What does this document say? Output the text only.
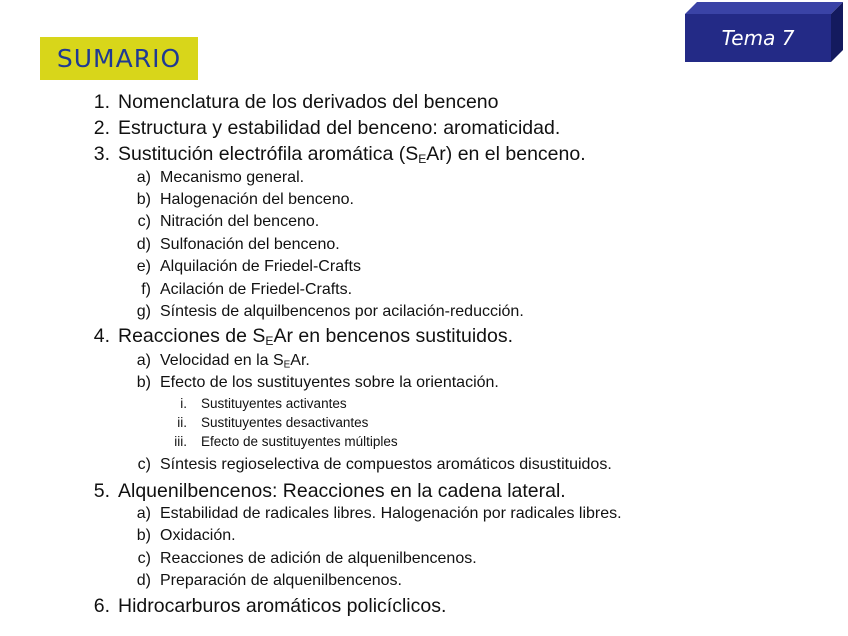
SUMARIO
Tema 7
1. Nomenclatura de los derivados del benceno
2. Estructura y estabilidad del benceno: aromaticidad.
3. Sustitución electrófila aromática $(S_EAr)$ en el benceno.
a) Mecanismo general.
b) Halogenación del benceno.
c) Nitración del benceno.
d) Sulfonación del benceno.
e) Alquilación de Friedel-Crafts
f) Acilación de Friedel-Crafts.
g) Síntesis de alquilbencenos por acilación-reducción.
4. Reacciones de $S_EAr$ en bencenos sustituidos.
a) Velocidad en la $S_EAr$.
b) Efecto de los sustituyentes sobre la orientación.
i. Sustituyentes activantes
ii. Sustituyentes desactivantes
iii. Efecto de sustituyentes múltiples
c) Síntesis regioselectiva de compuestos aromáticos disustituidos.
5. Alquenilbencenos: Reacciones en la cadena lateral.
a) Estabilidad de radicales libres. Halogenación por radicales libres.
b) Oxidación.
c) Reacciones de adición de alquenilbencenos.
d) Preparación de alquenilbencenos.
6. Hidrocarburos aromáticos policíclicos.
